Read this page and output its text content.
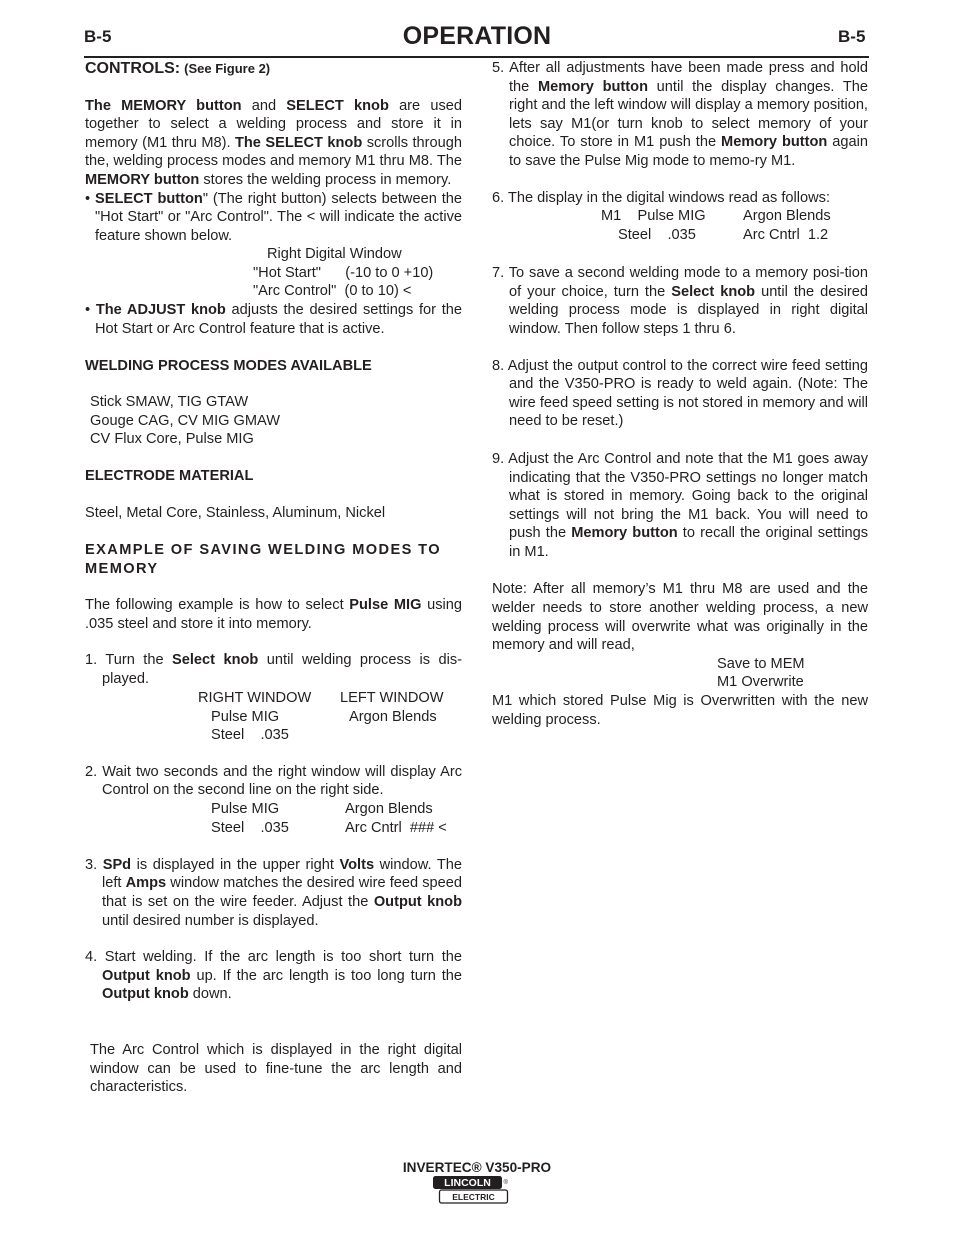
B-5	OPERATION	B-5
CONTROLS: (See Figure 2)

The MEMORY button and SELECT knob are used together to select a welding process and store it in memory (M1 thru M8). The SELECT knob scrolls through the, welding process modes and memory M1 thru M8. The MEMORY button stores the welding process in memory.

• SELECT button" (The right button) selects between the "Hot Start" or "Arc Control". The < will indicate the active feature shown below.

Right Digital Window
"Hot Start"      (-10 to 0 +10)
"Arc Control"  (0 to 10) <

• The ADJUST knob adjusts the desired settings for the Hot Start or Arc Control feature that is active.

WELDING PROCESS MODES AVAILABLE
Stick SMAW, TIG GTAW
Gouge CAG, CV MIG GMAW
CV Flux Core, Pulse MIG
ELECTRODE MATERIAL
Steel, Metal Core, Stainless, Aluminum, Nickel
EXAMPLE OF SAVING WELDING MODES TO MEMORY

The following example is how to select Pulse MIG using .035 steel and store it into memory.

1. Turn the Select knob until welding process is dis-played.

RIGHT WINDOW LEFT WINDOW
Pulse MIG	Argon Blends
Steel    .035

2. Wait two seconds and the right window will display Arc Control on the second line on the right side.

Pulse MIG	Argon Blends
Steel    .035	Arc Cntrl  ### <

3. SPd is displayed in the upper right Volts window. The left Amps window matches the desired wire feed speed that is set on the wire feeder. Adjust the Output knob until desired number is displayed.

4. Start welding. If the arc length is too short turn the Output knob up. If the arc length is too long turn the Output knob down.

The Arc Control which is displayed in the right digital window can be used to fine-tune the arc length and characteristics.

5. After all adjustments have been made press and hold the Memory button until the display changes. The right and the left window will display a memory position, lets say M1(or turn knob to select memory of your choice. To store in M1 push the Memory button again to save the Pulse Mig mode to memo-ry M1.

6. The display in the digital windows read as follows:

M1    Pulse MIG	Argon Blends
Steel    .035	Arc Cntrl  1.2

7. To save a second welding mode to a memory posi-tion of your choice, turn the Select knob until the desired welding process mode is displayed in right digital window. Then follow steps 1 thru 6.

8. Adjust the output control to the correct wire feed setting and the V350-PRO is ready to weld again. (Note: The wire feed speed setting is not stored in memory and will need to be reset.)

9. Adjust the Arc Control and note that the M1 goes away indicating that the V350-PRO settings no longer match what is stored in memory. Going back to the original settings will not bring the M1 back. You will need to push the Memory button to recall the original settings in M1.

Note: After all memory’s M1 thru M8 are used and the welder needs to store another welding process, a new welding process will overwrite what was originally in the memory and will read,

Save to MEM
M1 Overwrite

M1 which stored Pulse Mig is Overwritten with the new welding process.

INVERTEC® V350-PRO
LINCOLN
ELECTRIC
®
